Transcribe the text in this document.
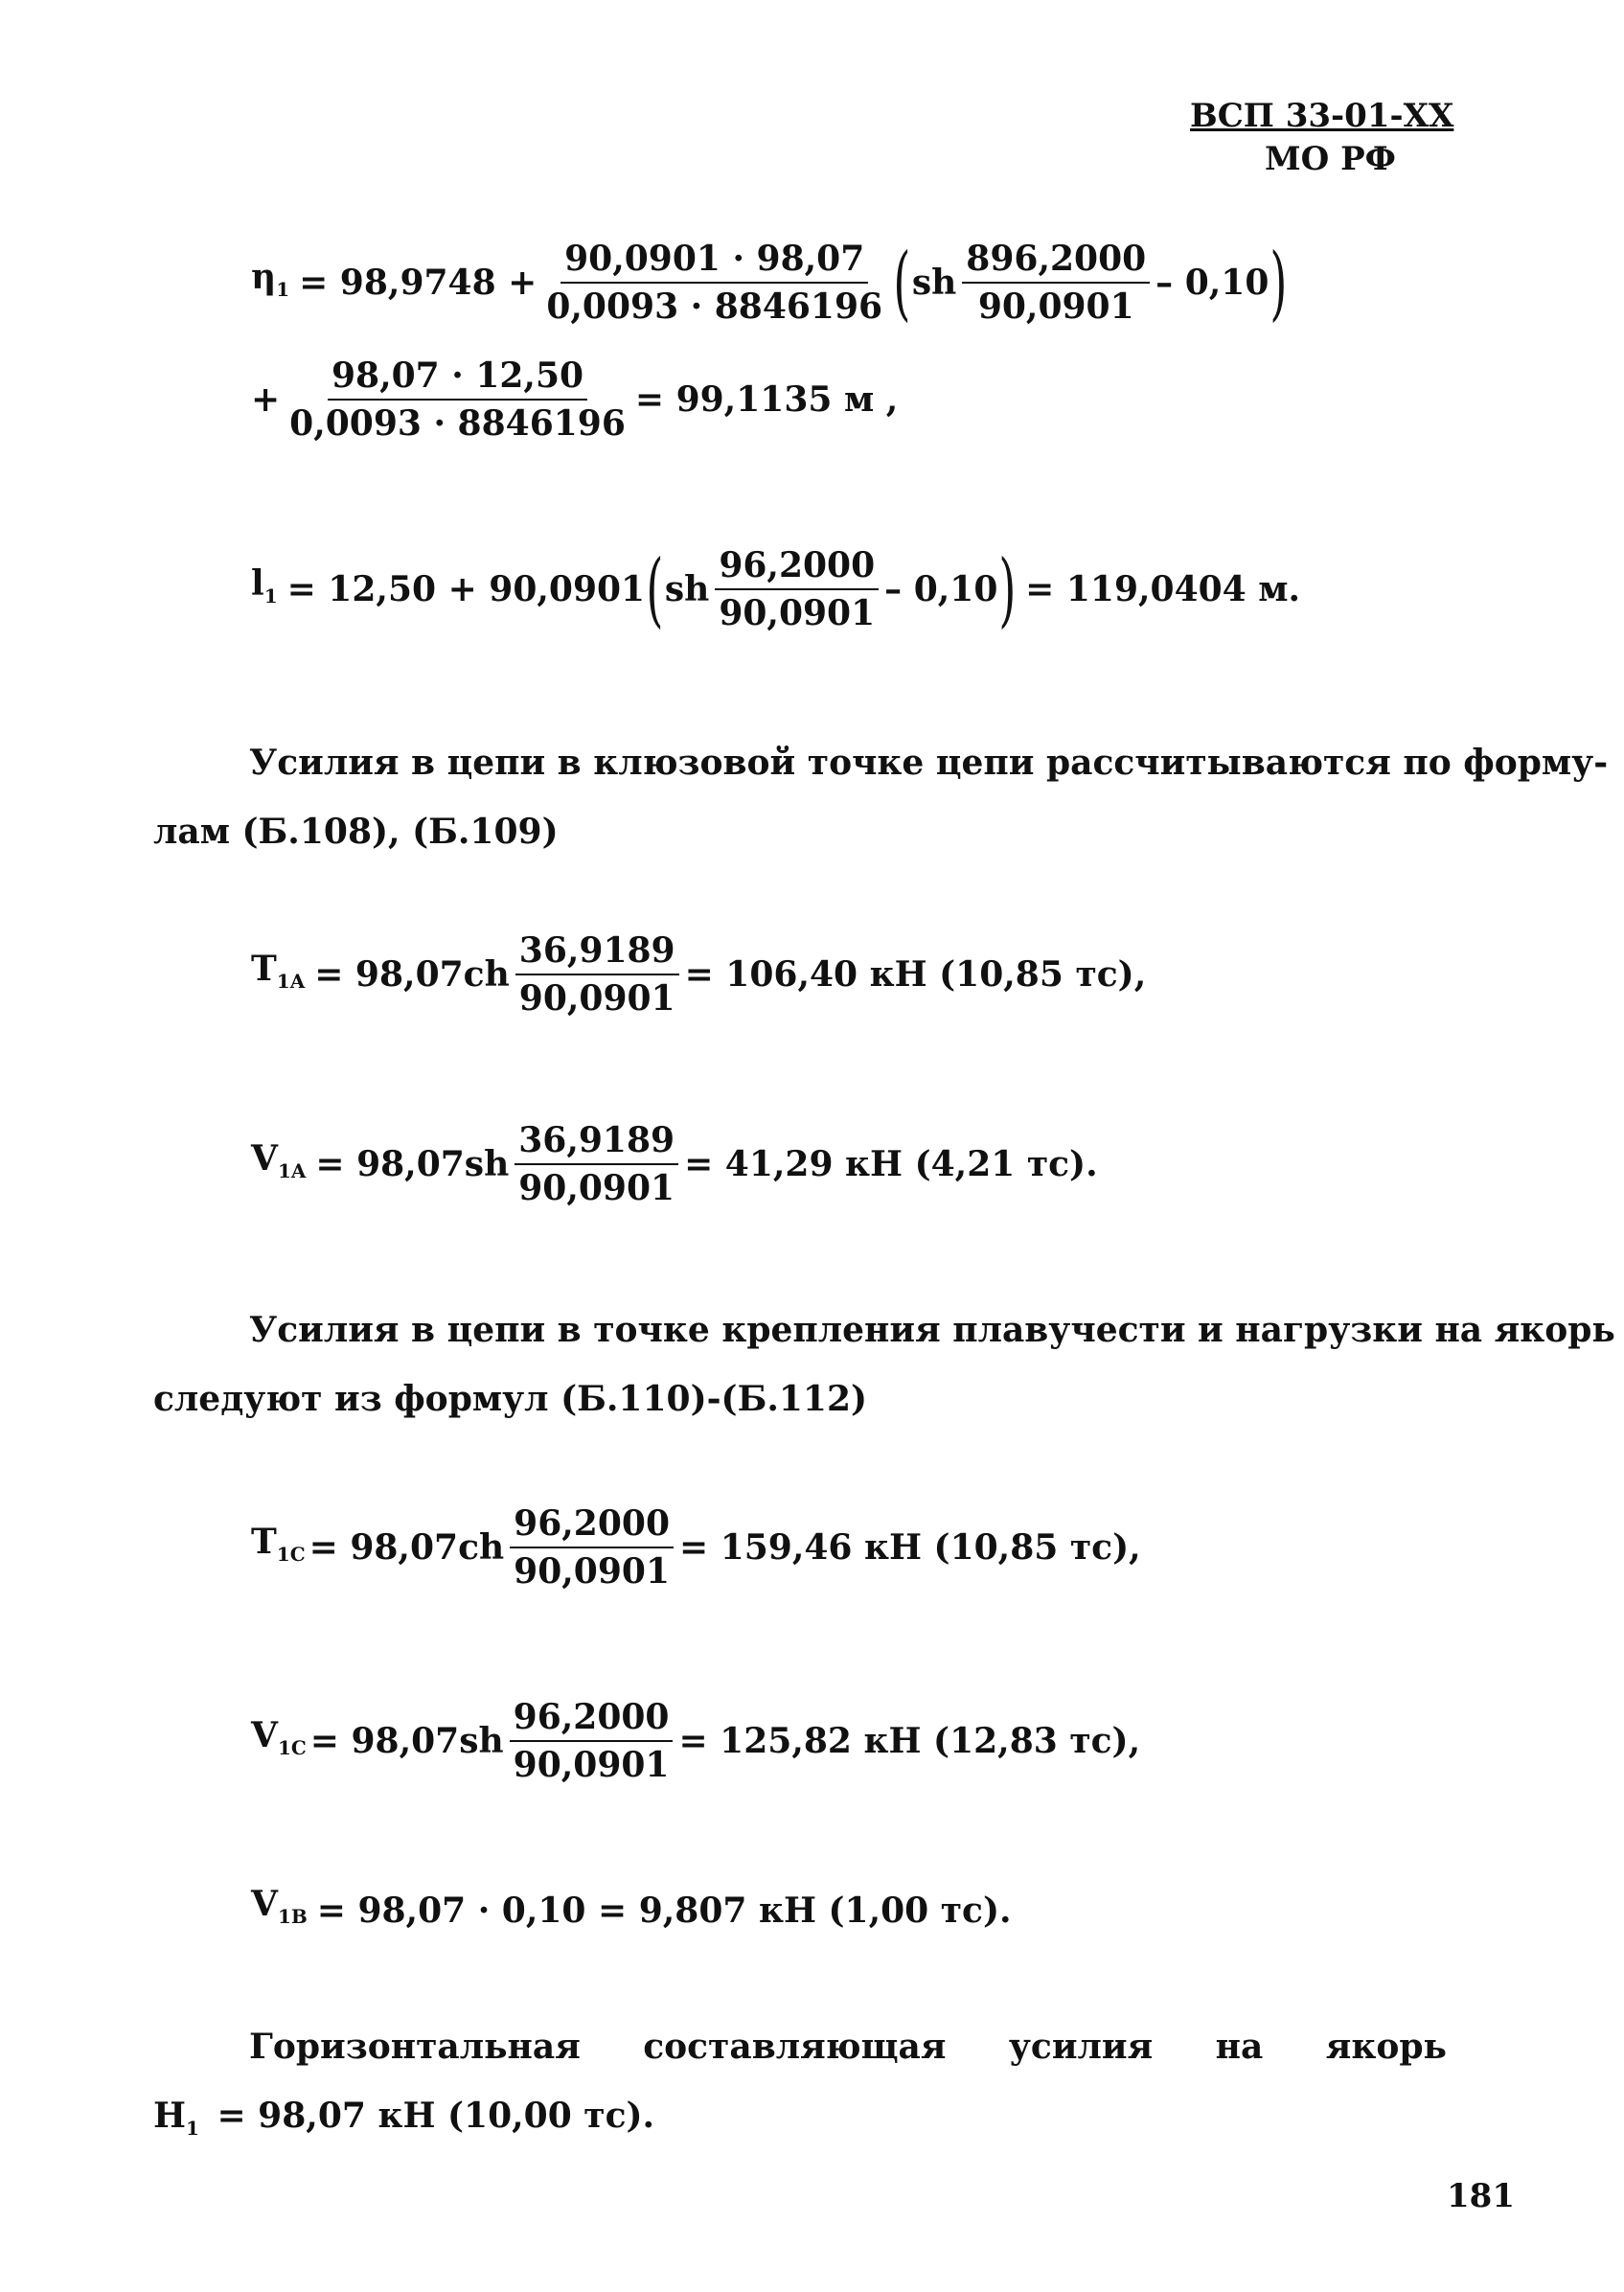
ВСП 33-01-ХХ
МО РФ
$\eta_1 = 98,9748 + \frac{90,0901 \cdot 98,07}{0,0093 \cdot 8846196}$ ( sh $\frac{896,2000}{90,0901} - 0,10$ )
+ $\frac{98,07 \cdot 12,50}{0,0093 \cdot 8846196} = 99,1135$ м ,
$l_1 = 12,50 + 90,0901$ ( sh $\frac{96,2000}{90,0901} - 0,10$ ) = 119,0404 м.
Усилия в цепи в клюзовой точке цепи рассчитываются по форму-
лам (Б.108), (Б.109)
$T_{1A} = 98,07ch \frac{36,9189}{90,0901} = 106,40$ кН (10,85 тс),
$V_{1A} = 98,07sh \frac{36,9189}{90,0901} = 41,29$ кН (4,21 тс).
Усилия в цепи в точке крепления плавучести и нагрузки на якорь
следуют из формул (Б.110)-(Б.112)
$T_{1C} = 98,07ch \frac{96,2000}{90,0901} = 159,46$ кН (10,85 тс),
$V_{1C} = 98,07sh \frac{96,2000}{90,0901} = 125,82$ кН (12,83 тс),
$V_{1B} = 98,07 \cdot 0,10 = 9,807$ кН (1,00 тс).
Горизонтальная составляющая усилия на якорь
$H_1 = 98,07$ кН (10,00 тс).
181
